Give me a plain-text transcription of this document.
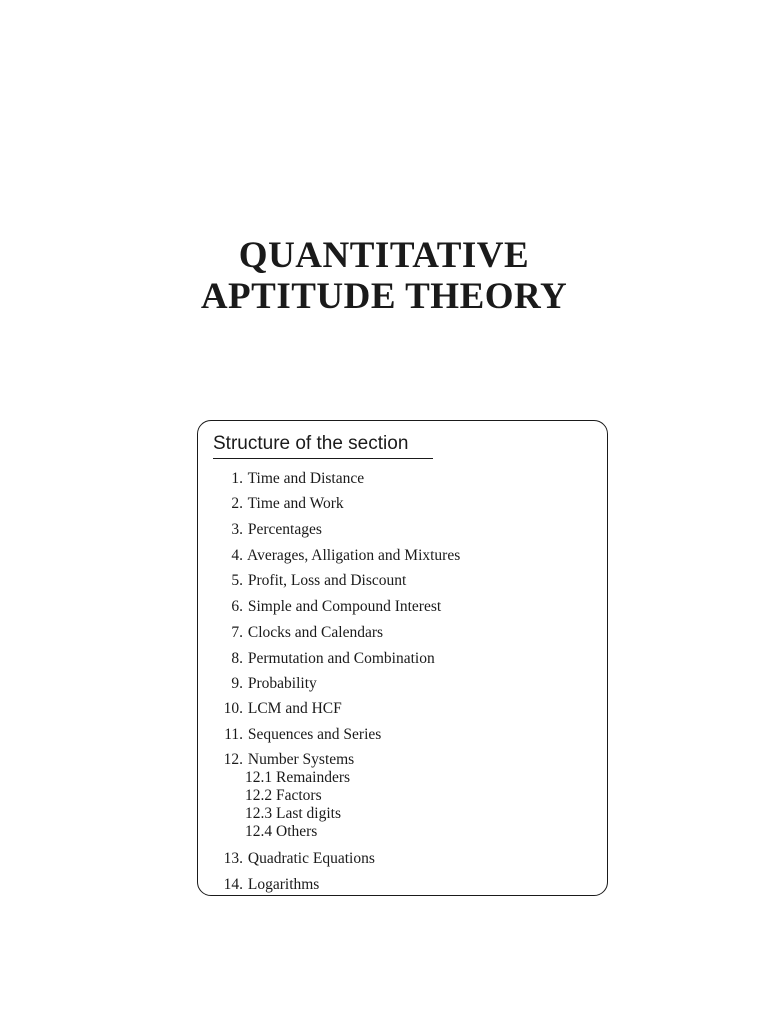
QUANTITATIVE
APTITUDE THEORY
Structure of the section
1. Time and Distance
2. Time and Work
3. Percentages
4. Averages, Alligation and Mixtures
5. Profit, Loss and Discount
6. Simple and Compound Interest
7. Clocks and Calendars
8. Permutation and Combination
9. Probability
10. LCM and HCF
11. Sequences and Series
12. Number Systems
12.1 Remainders
12.2 Factors
12.3 Last digits
12.4 Others
13. Quadratic Equations
14. Logarithms
